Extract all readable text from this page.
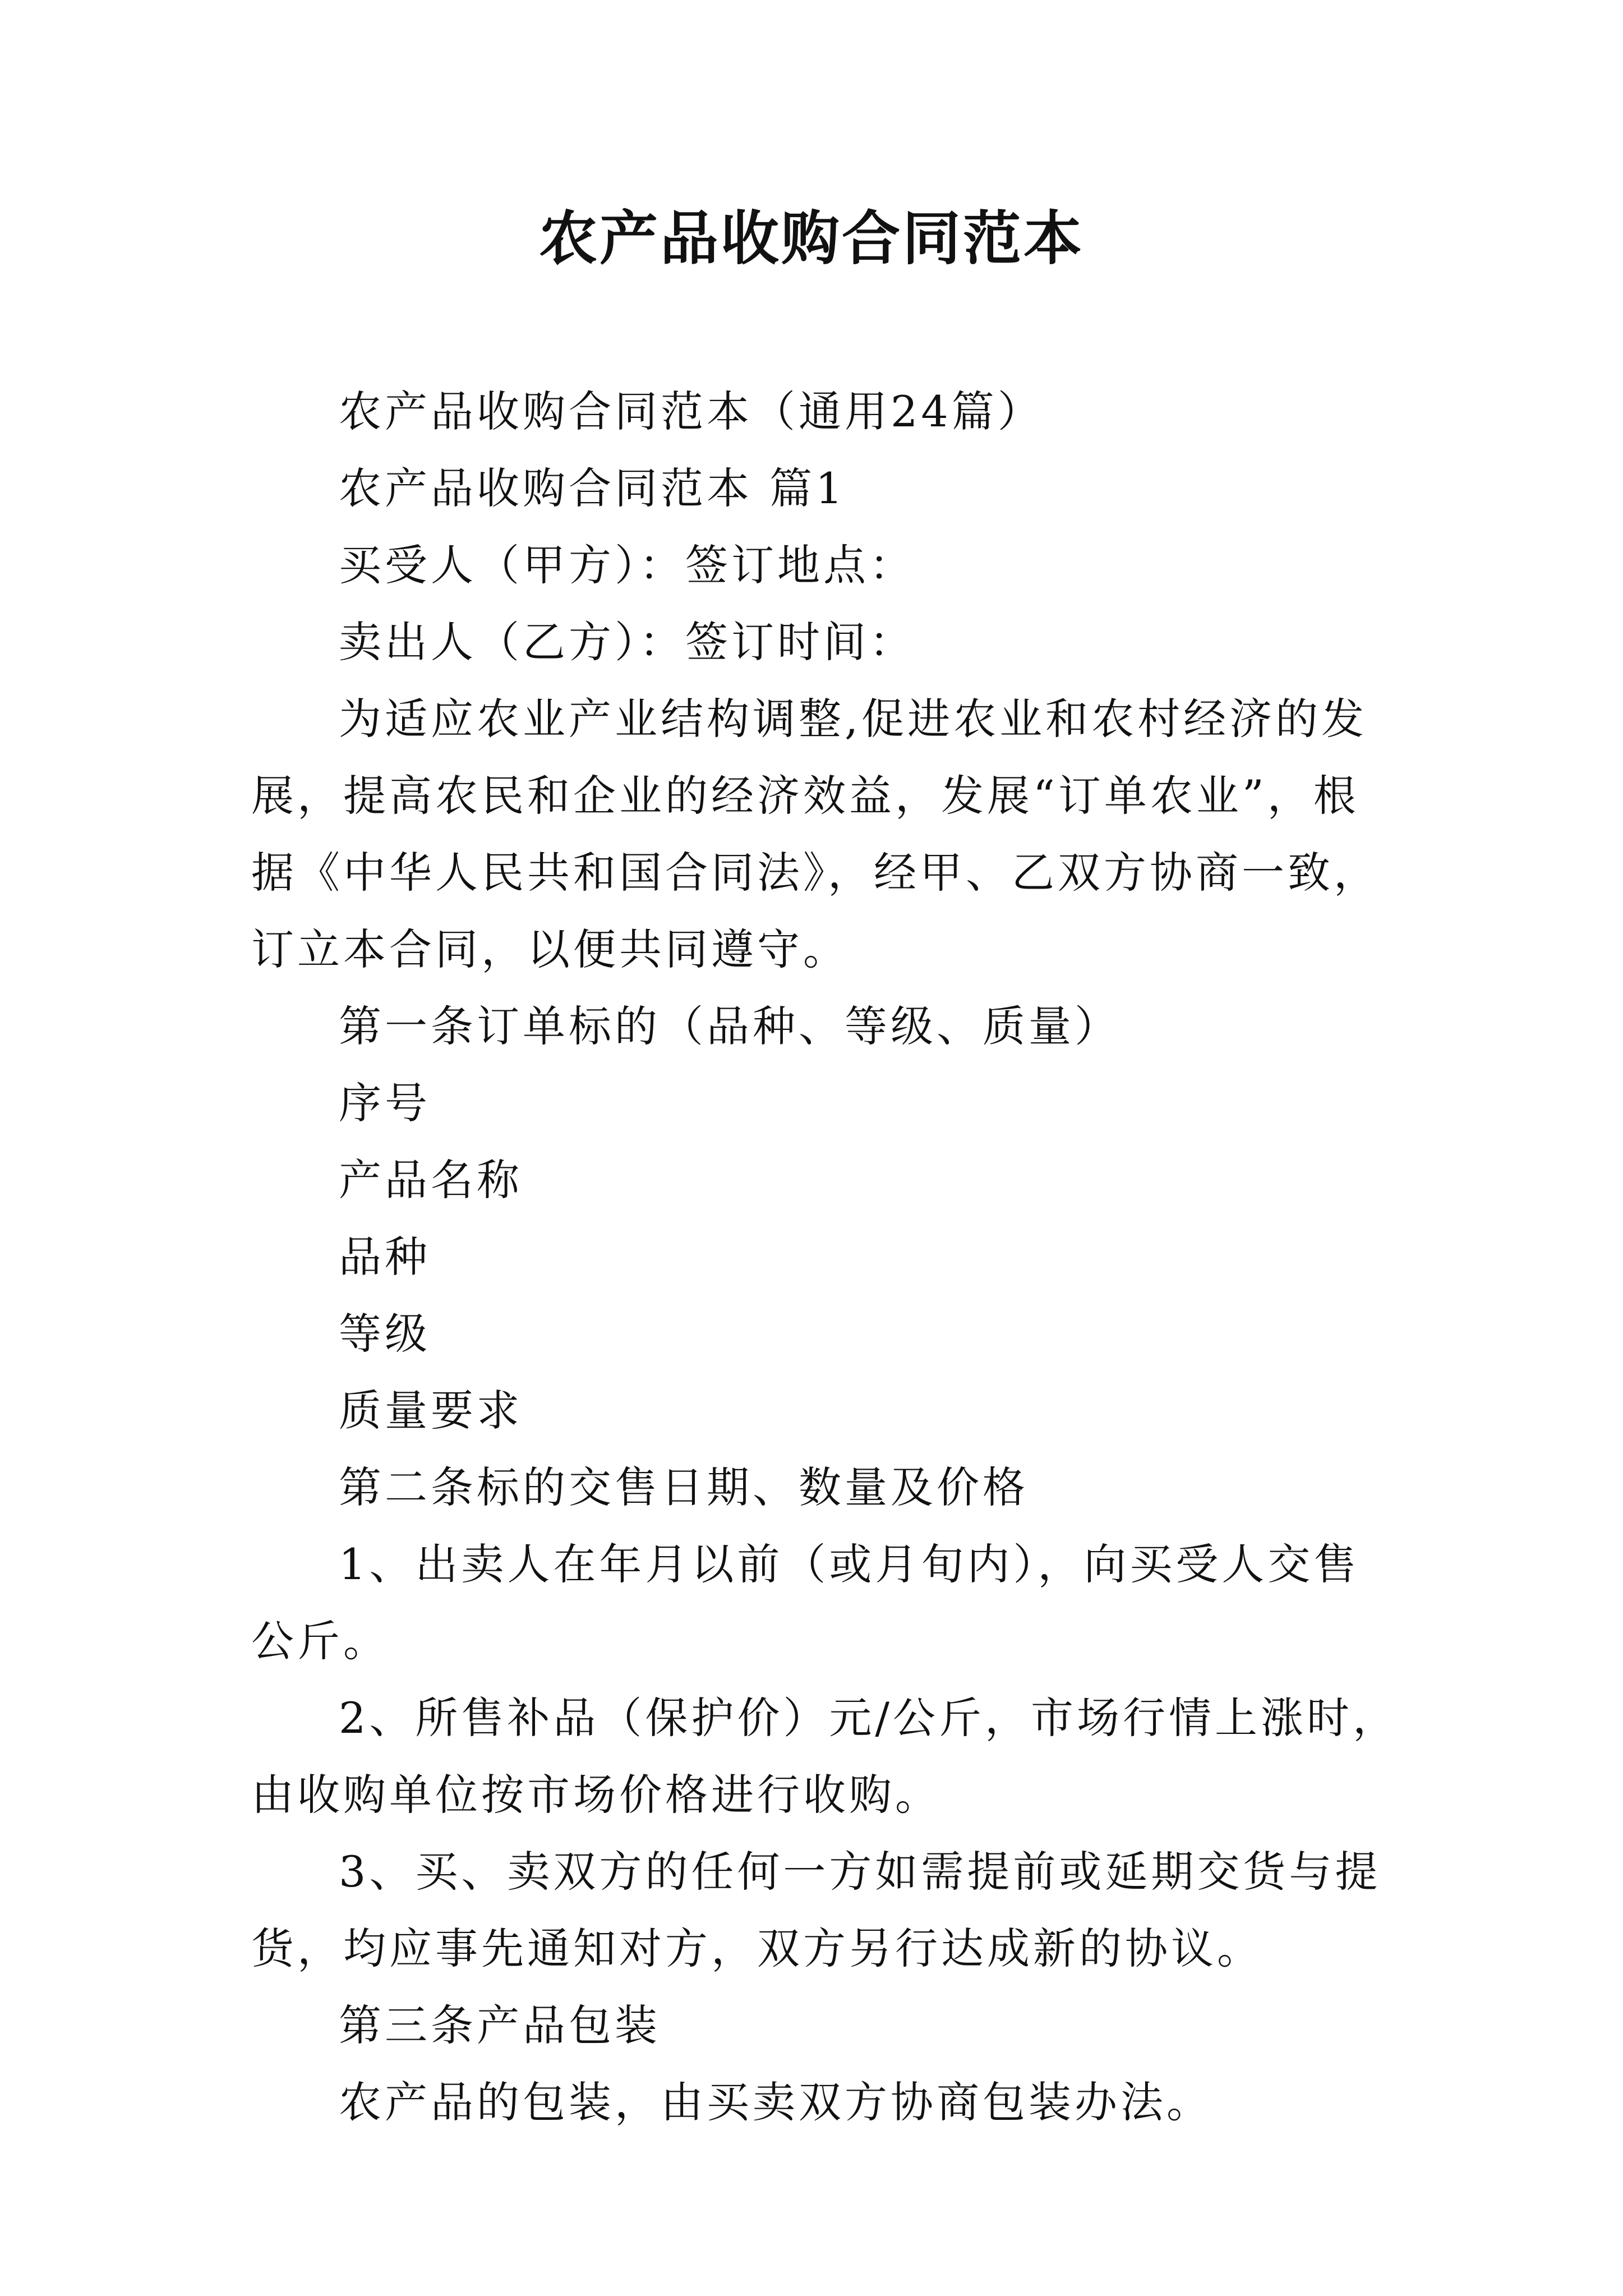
农产品收购合同范本

农产品收购合同范本（通用24篇）

农产品收购合同范本 篇1

买受人（甲方）：签订地点：

卖出人（乙方）：签订时间：

为适应农业产业结构调整,促进农业和农村经济的发展，提高农民和企业的经济效益，发展“订单农业”，根据《中华人民共和国合同法》，经甲、乙双方协商一致，订立本合同，以便共同遵守。

第一条订单标的（品种、等级、质量）

序号

产品名称

品种

等级

质量要求

第二条标的交售日期、数量及价格

1、出卖人在年月以前（或月旬内），向买受人交售公斤。

2、所售补品（保护价）元/公斤，市场行情上涨时，由收购单位按市场价格进行收购。

3、买、卖双方的任何一方如需提前或延期交货与提货，均应事先通知对方，双方另行达成新的协议。

第三条产品包装

农产品的包装，由买卖双方协商包装办法。
